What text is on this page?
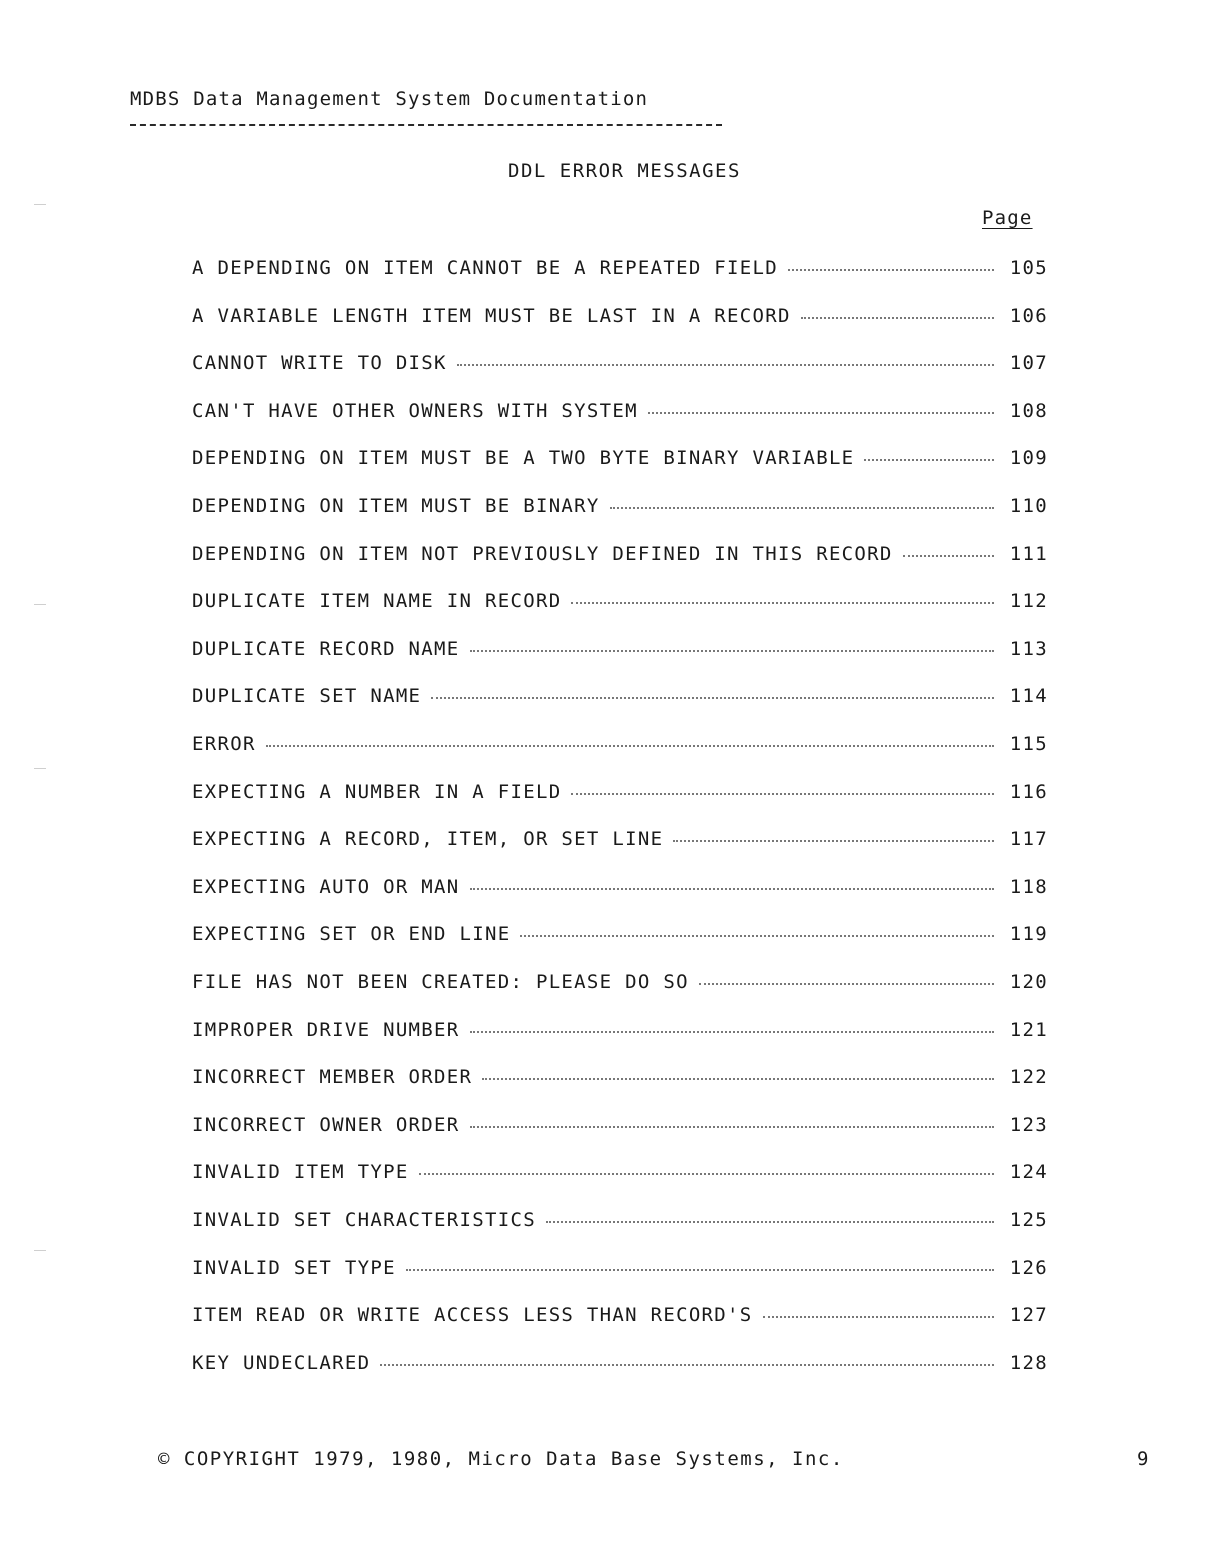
MDBS Data Management System Documentation
DDL ERROR MESSAGES
Page
A DEPENDING ON ITEM CANNOT BE A REPEATED FIELD	105
A VARIABLE LENGTH ITEM MUST BE LAST IN A RECORD	106
CANNOT WRITE TO DISK	107
CAN'T HAVE OTHER OWNERS WITH SYSTEM	108
DEPENDING ON ITEM MUST BE A TWO BYTE BINARY VARIABLE	109
DEPENDING ON ITEM MUST BE BINARY	110
DEPENDING ON ITEM NOT PREVIOUSLY DEFINED IN THIS RECORD	111
DUPLICATE ITEM NAME IN RECORD	112
DUPLICATE RECORD NAME	113
DUPLICATE SET NAME	114
ERROR	115
EXPECTING A NUMBER IN A FIELD	116
EXPECTING A RECORD, ITEM, OR SET LINE	117
EXPECTING AUTO OR MAN	118
EXPECTING SET OR END LINE	119
FILE HAS NOT BEEN CREATED: PLEASE DO SO	120
IMPROPER DRIVE NUMBER	121
INCORRECT MEMBER ORDER	122
INCORRECT OWNER ORDER	123
INVALID ITEM TYPE	124
INVALID SET CHARACTERISTICS	125
INVALID SET TYPE	126
ITEM READ OR WRITE ACCESS LESS THAN RECORD'S	127
KEY UNDECLARED	128
© COPYRIGHT 1979, 1980, Micro Data Base Systems, Inc.	9
